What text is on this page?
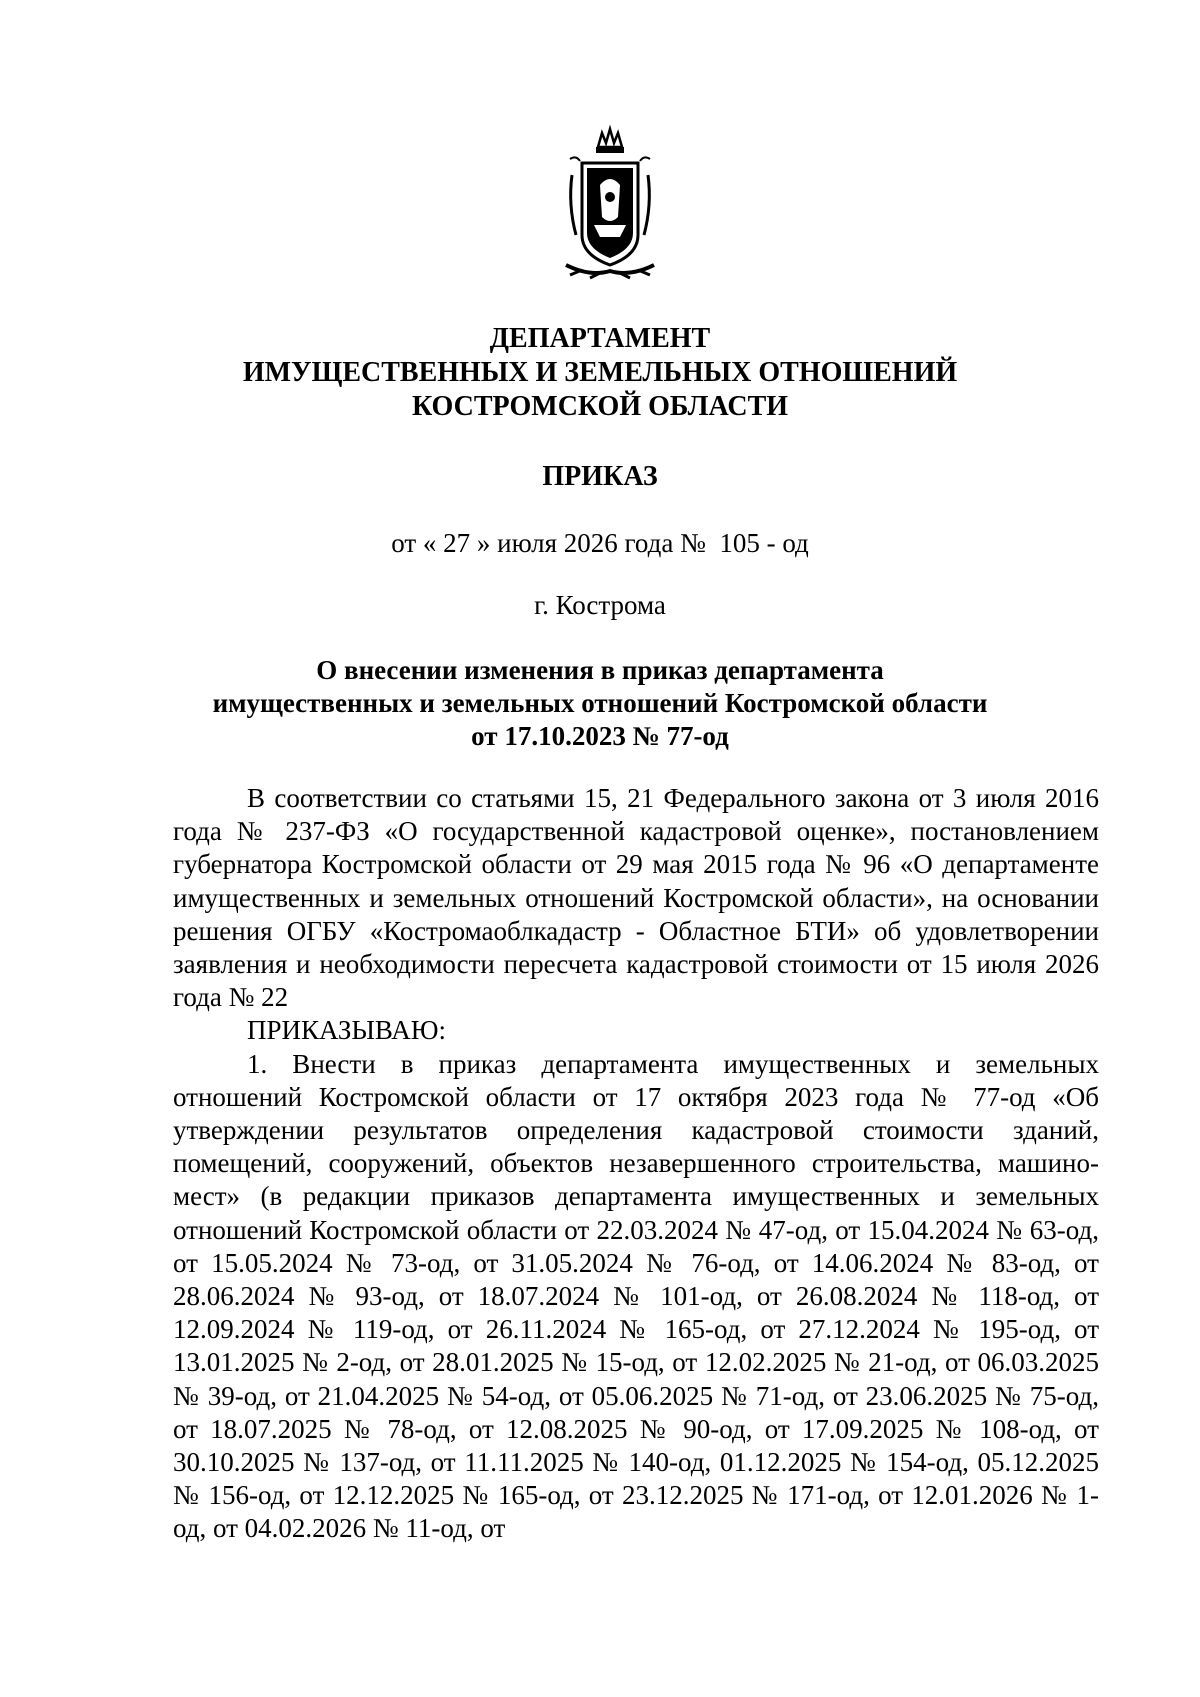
ДЕПАРТАМЕНТ
ИМУЩЕСТВЕННЫХ И ЗЕМЕЛЬНЫХ ОТНОШЕНИЙ
КОСТРОМСКОЙ ОБЛАСТИ
ПРИКАЗ
от « 27 » июля 2026 года №  105 - од
г. Кострома
О внесении изменения в приказ департамента
имущественных и земельных отношений Костромской области
от 17.10.2023 № 77-од

В соответствии со статьями 15, 21 Федерального закона от 3 июля 2016 года № 237-ФЗ «О государственной кадастровой оценке», постановлением губернатора Костромской области от 29 мая 2015 года № 96 «О департаменте имущественных и земельных отношений Костромской области», на основании решения ОГБУ «Костромаоблкадастр - Областное БТИ» об удовлетворении заявления и необходимости пересчета кадастровой стоимости от 15 июля 2026 года № 22

ПРИКАЗЫВАЮ:

1. Внести в приказ департамента имущественных и земельных отношений Костромской области от 17 октября 2023 года № 77-од «Об утверждении результатов определения кадастровой стоимости зданий, помещений, сооружений, объектов незавершенного строительства, машино-мест» (в редакции приказов департамента имущественных и земельных отношений Костромской области от 22.03.2024 № 47-од, от 15.04.2024 № 63-од, от 15.05.2024 № 73-од, от 31.05.2024 № 76-од, от 14.06.2024 № 83-од, от 28.06.2024 № 93-од, от 18.07.2024 № 101-од, от 26.08.2024 № 118-од, от 12.09.2024 № 119-од, от 26.11.2024 № 165-од, от 27.12.2024 № 195-од, от 13.01.2025 № 2-од, от 28.01.2025 № 15-од, от 12.02.2025 № 21-од, от 06.03.2025 № 39-од, от 21.04.2025 № 54-од, от 05.06.2025 № 71-од, от 23.06.2025 № 75-од, от 18.07.2025 № 78-од, от 12.08.2025 № 90-од, от 17.09.2025 № 108-од, от 30.10.2025 № 137-од, от 11.11.2025 № 140-од, 01.12.2025 № 154-од, 05.12.2025 № 156-од, от 12.12.2025 № 165-од, от 23.12.2025 № 171-од, от 12.01.2026 № 1-од, от 04.02.2026 № 11-од, от
